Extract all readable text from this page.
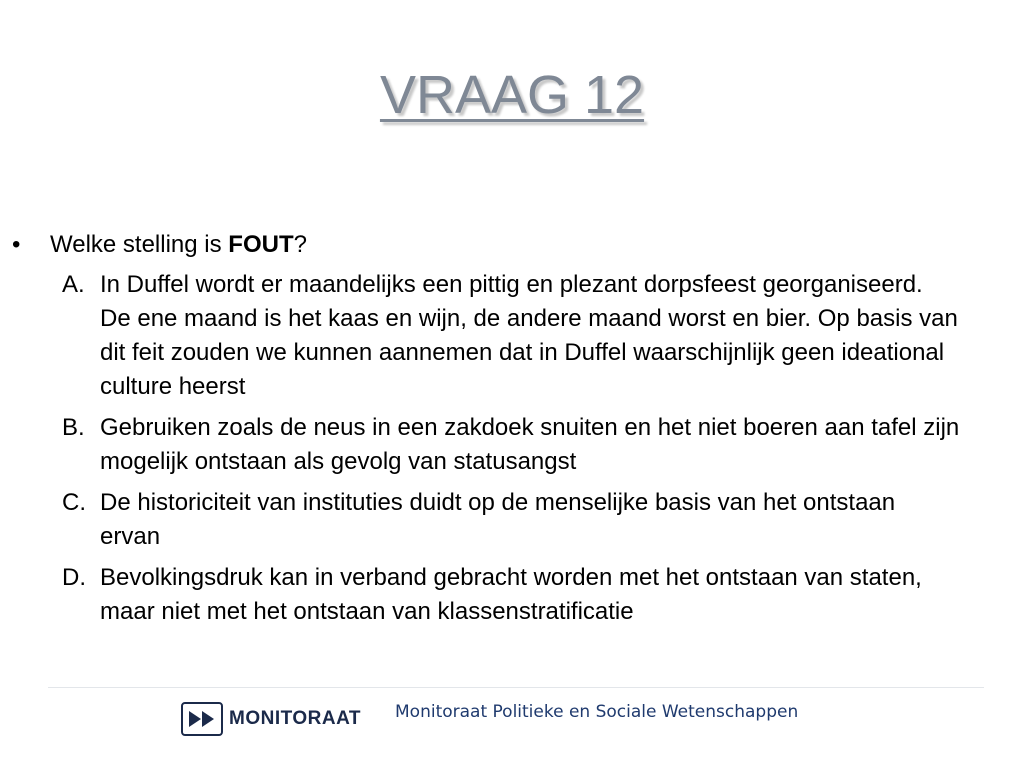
VRAAG 12
• Welke stelling is FOUT?
A. In Duffel wordt er maandelijks een pittig en plezant dorpsfeest georganiseerd. De ene maand is het kaas en wijn, de andere maand worst en bier. Op basis van dit feit zouden we kunnen aannemen dat in Duffel waarschijnlijk geen ideational culture heerst
B. Gebruiken zoals de neus in een zakdoek snuiten en het niet boeren aan tafel zijn mogelijk ontstaan als gevolg van statusangst
C. De historiciteit van instituties duidt op de menselijke basis van het ontstaan ervan
D. Bevolkingsdruk kan in verband gebracht worden met het ontstaan van staten, maar niet met het ontstaan van klassenstratificatie
MONITORAAT Monitoraat Politieke en Sociale Wetenschappen
